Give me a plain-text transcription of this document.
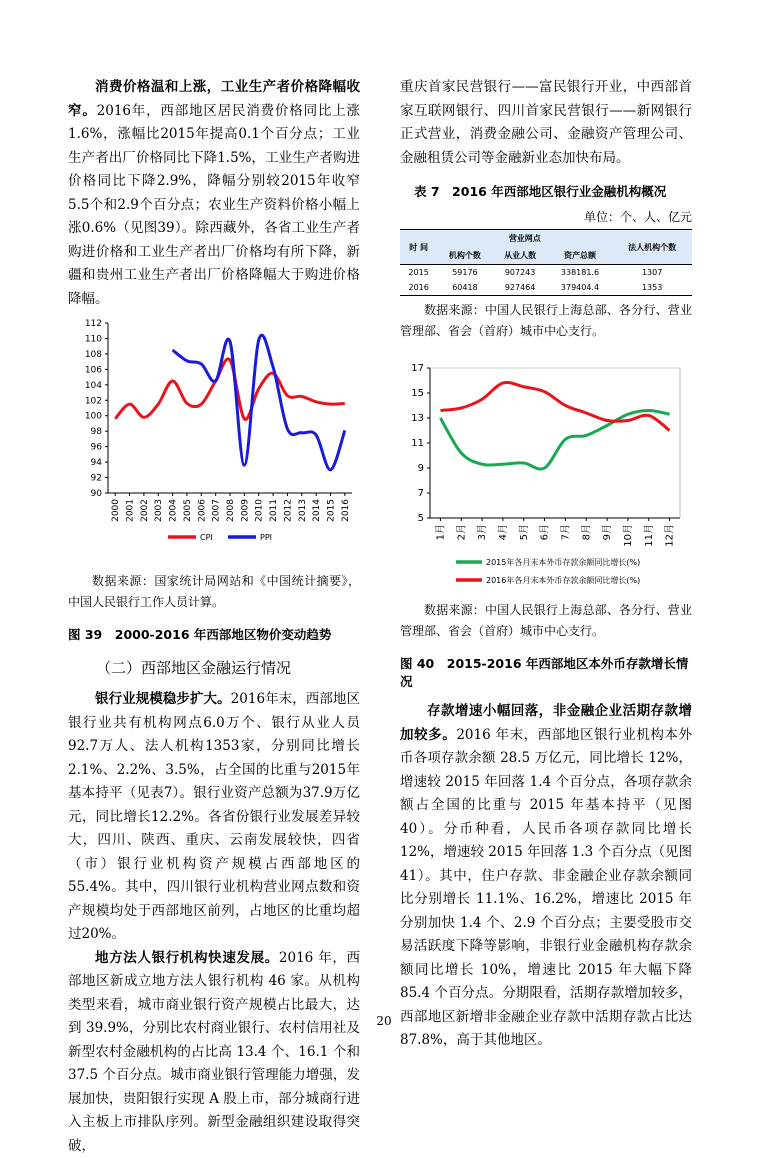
消费价格温和上涨，工业生产者价格降幅收窄。2016年，西部地区居民消费价格同比上涨1.6%，涨幅比2015年提高0.1个百分点；工业生产者出厂价格同比下降1.5%，工业生产者购进价格同比下降2.9%，降幅分别较2015年收窄5.5个和2.9个百分点；农业生产资料价格小幅上涨0.6%（见图39）。除西藏外，各省工业生产者购进价格和工业生产者出厂价格均有所下降，新疆和贵州工业生产者出厂价格降幅大于购进价格降幅。

90
92
94
96
98
100
102
104
106
108
110
112
2000 2001 2002 2003 2004 2005 2006 2007 2008 2009 2010 2011 2012 2013 2014 2015 2016
CPI	PPI

数据来源：国家统计局网站和《中国统计摘要》，中国人民银行工作人员计算。

图 39　2000-2016 年西部地区物价变动趋势

（二）西部地区金融运行情况

银行业规模稳步扩大。2016年末，西部地区银行业共有机构网点6.0万个、银行从业人员92.7万人、法人机构1353家，分别同比增长2.1%、2.2%、3.5%，占全国的比重与2015年基本持平（见表7）。银行业资产总额为37.9万亿元，同比增长12.2%。各省份银行业发展差异较大，四川、陕西、重庆、云南发展较快，四省（市）银行业机构资产规模占西部地区的55.4%。其中，四川银行业机构营业网点数和资产规模均处于西部地区前列，占地区的比重均超过20%。

地方法人银行机构快速发展。2016 年，西部地区新成立地方法人银行机构 46 家。从机构类型来看，城市商业银行资产规模占比最大，达到 39.9%，分别比农村商业银行、农村信用社及新型农村金融机构的占比高 13.4 个、16.1 个和 37.5 个百分点。城市商业银行管理能力增强，发展加快，贵阳银行实现 A 股上市，部分城商行进入主板上市排队序列。新型金融组织建设取得突破，

重庆首家民营银行——富民银行开业，中西部首家互联网银行、四川首家民营银行——新网银行正式营业，消费金融公司、金融资产管理公司、金融租赁公司等金融新业态加快布局。

表 7　2016 年西部地区银行业金融机构概况

单位：个、人、亿元

时 间	营业网点			法人机构个数
	机构个数	从业人数	资产总额	
2015	59176	907243	338181.6	1307
2016	60418	927464	379404.4	1353

数据来源：中国人民银行上海总部、各分行、营业管理部、省会（首府）城市中心支行。

5
7
9
11
13
15
17
1月 2月 3月 4月 5月 6月 7月 8月 9月 10月 11月 12月
2015年各月末本外币存款余额同比增长(%)
2016年各月末本外币存款余额同比增长(%)

数据来源：中国人民银行上海总部、各分行、营业管理部、省会（首府）城市中心支行。

图 40　2015-2016 年西部地区本外币存款增长情况

存款增速小幅回落，非金融企业活期存款增加较多。2016 年末，西部地区银行业机构本外币各项存款余额 28.5 万亿元，同比增长 12%，增速较 2015 年回落 1.4 个百分点，各项存款余额占全国的比重与 2015 年基本持平（见图 40）。分币种看，人民币各项存款同比增长 12%，增速较 2015 年回落 1.3 个百分点（见图 41）。其中，住户存款、非金融企业存款余额同比分别增长 11.1%、16.2%，增速比 2015 年分别加快 1.4 个、2.9 个百分点；主要受股市交易活跃度下降等影响，非银行业金融机构存款余额同比增长 10%，增速比 2015 年大幅下降 85.4 个百分点。分期限看，活期存款增加较多，西部地区新增非金融企业存款中活期存款占比达 87.8%，高于其他地区。

20
